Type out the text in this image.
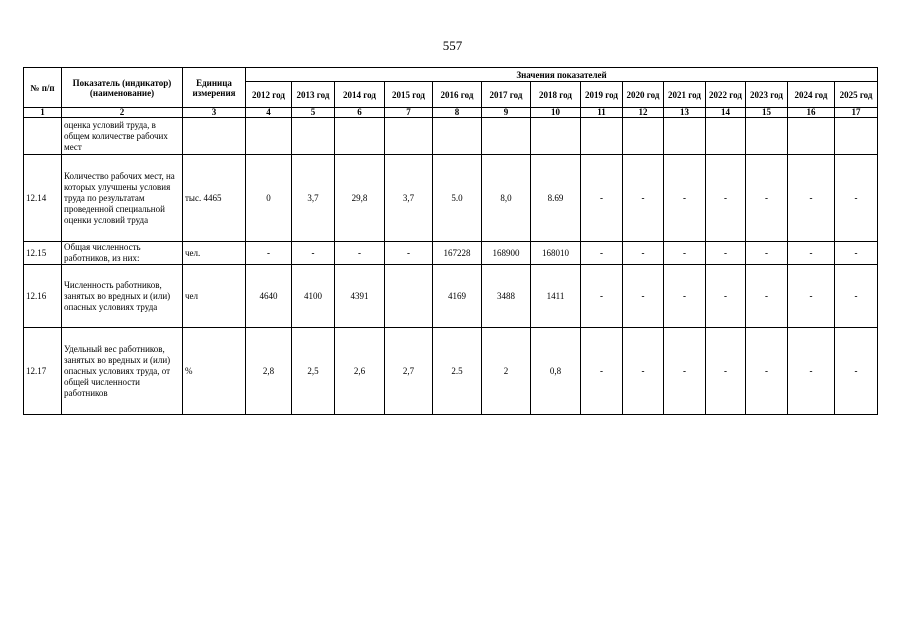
557
№ п/п	Показатель (индикатор) (наименование)	Единица измерения	Значения показателей													
			2012 год	2013 год	2014 год	2015 год	2016 год	2017 год	2018 год	2019 год	2020 год	2021 год	2022 год	2023 год	2024 год	2025 год
1	2	3	4	5	6	7	8	9	10	11	12	13	14	15	16	17
	оценка условий труда, в общем количестве рабочих мест															
12.14	Количество рабочих мест, на которых улучшены условия труда по результатам проведенной специальной оценки условий труда	тыс. 4465	0	3,7	29,8	3,7	5.0	8,0	8.69	-	-	-	-	-	-	-
12.15	Общая численность работников, из них:	чел.	-	-	-	-	167228	168900	168010	-	-	-	-	-	-	-
12.16	Численность работников, занятых во вредных и (или) опасных условиях труда	чел	4640	4100	4391		4169	3488	1411	-	-	-	-	-	-	-
12.17	Удельный вес работников, занятых во вредных и (или) опасных условиях труда, от общей численности работников	%	2,8	2,5	2,6	2,7	2.5	2	0,8	-	-	-	-	-	-	-
